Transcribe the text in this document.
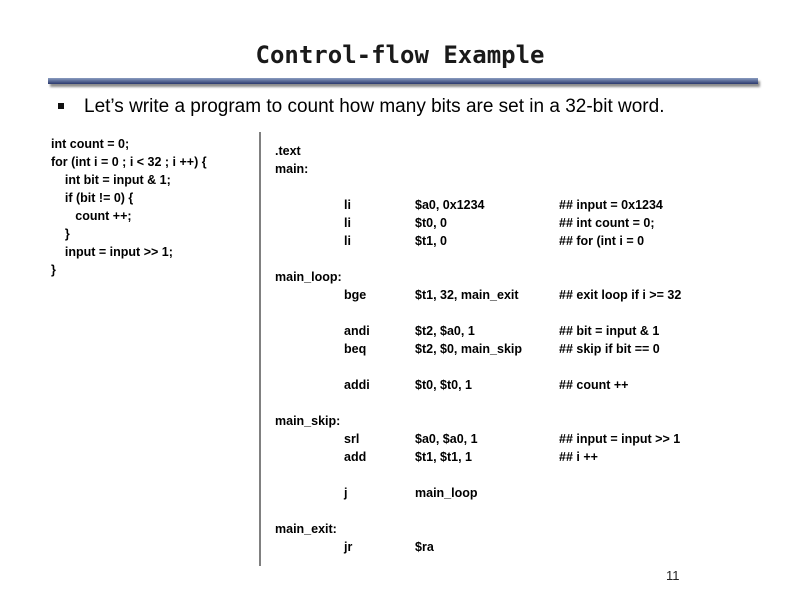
Control-flow Example
Let’s write a program to count how many bits are set in a 32-bit word.
int count = 0;
for (int i = 0 ; i < 32 ; i ++) {
int bit = input & 1;
if (bit != 0) {
count ++;
}
input = input >> 1;
}
.text
main:
li	$a0, 0x1234	## input = 0x1234
li	$t0, 0	## int count = 0;
li	$t1, 0	## for (int i = 0
main_loop:
bge	$t1, 32, main_exit	## exit loop if i >= 32
andi	$t2, $a0, 1	## bit = input & 1
beq	$t2, $0, main_skip	## skip if bit == 0
addi	$t0, $t0, 1	## count ++
main_skip:
srl	$a0, $a0, 1	## input = input >> 1
add	$t1, $t1, 1	## i ++
j	main_loop
main_exit:
jr	$ra
11
